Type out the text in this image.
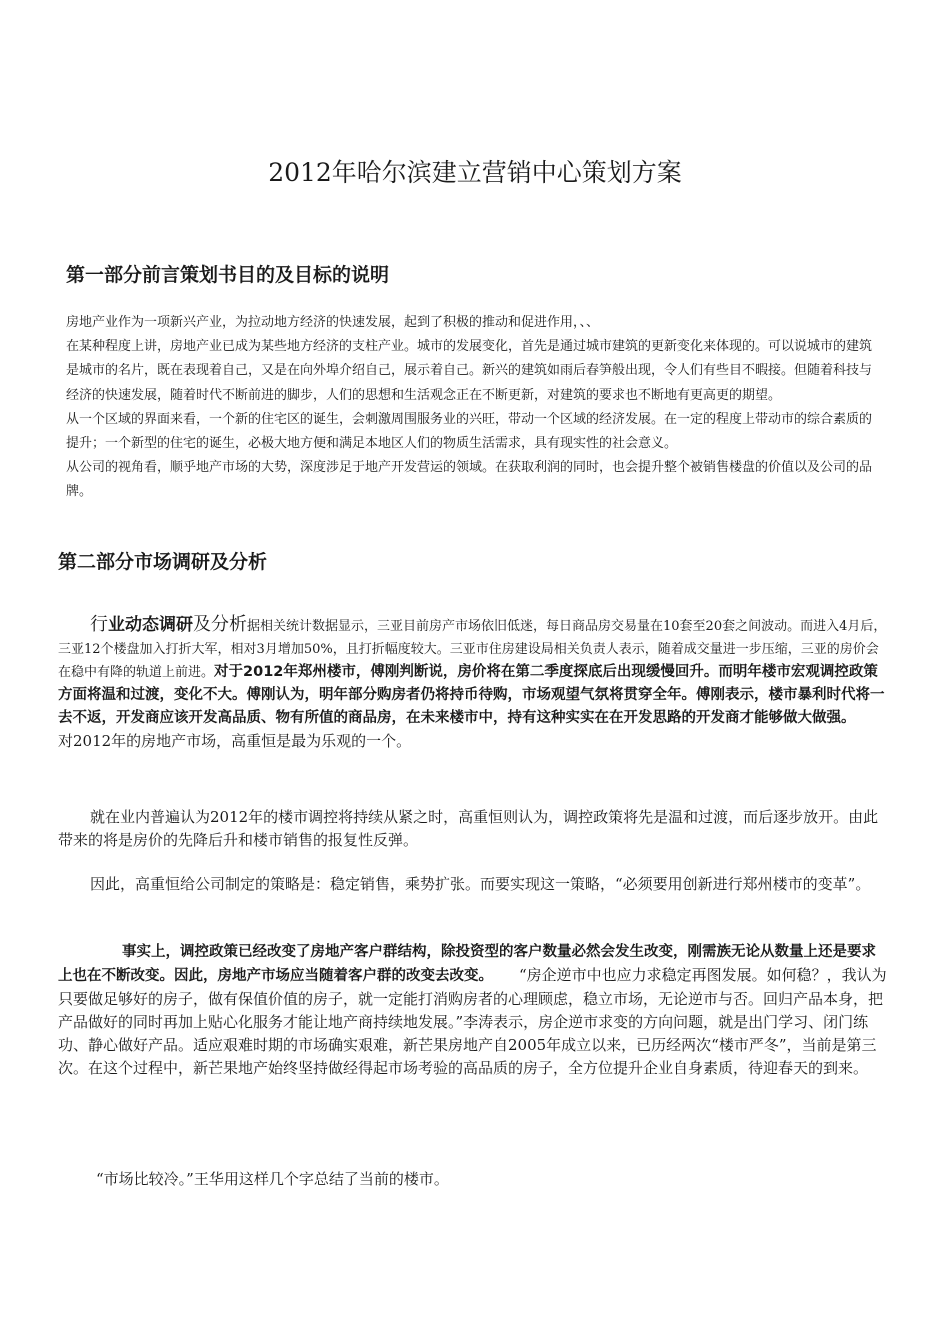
2012年哈尔滨建立营销中心策划方案
第一部分前言策划书目的及目标的说明

房地产业作为一项新兴产业，为拉动地方经济的快速发展，起到了积极的推动和促进作用，、、

在某种程度上讲，房地产业已成为某些地方经济的支柱产业。城市的发展变化，首先是通过城市建筑的更新变化来体现的。可以说城市的建筑是城市的名片，既在表现着自己，又是在向外埠介绍自己，展示着自己。新兴的建筑如雨后春笋般出现，令人们有些目不暇接。但随着科技与经济的快速发展，随着时代不断前进的脚步，人们的思想和生活观念正在不断更新，对建筑的要求也不断地有更高更的期望。

从一个区域的界面来看，一个新的住宅区的诞生，会刺激周围服务业的兴旺，带动一个区域的经济发展。在一定的程度上带动市的综合素质的提升；一个新型的住宅的诞生，必极大地方便和满足本地区人们的物质生活需求，具有现实性的社会意义。

从公司的视角看，顺乎地产市场的大势，深度涉足于地产开发营运的领域。在获取利润的同时，也会提升整个被销售楼盘的价值以及公司的品牌。

第二部分市场调研及分析

行业动态调研及分析据相关统计数据显示，三亚目前房产市场依旧低迷，每日商品房交易量在10套至20套之间波动。而进入4月后，三亚12个楼盘加入打折大军，相对3月增加50%，且打折幅度较大。三亚市住房建设局相关负责人表示，随着成交量进一步压缩，三亚的房价会在稳中有降的轨道上前进。对于2012年郑州楼市，傅刚判断说，房价将在第二季度探底后出现缓慢回升。而明年楼市宏观调控政策方面将温和过渡，变化不大。傅刚认为，明年部分购房者仍将持币待购，市场观望气氛将贯穿全年。傅刚表示，楼市暴利时代将一去不返，开发商应该开发高品质、物有所值的商品房，在未来楼市中，持有这种实实在在开发思路的开发商才能够做大做强。对2012年的房地产市场，高重恒是最为乐观的一个。

就在业内普遍认为2012年的楼市调控将持续从紧之时，高重恒则认为，调控政策将先是温和过渡，而后逐步放开。由此带来的将是房价的先降后升和楼市销售的报复性反弹。

因此，高重恒给公司制定的策略是：稳定销售，乘势扩张。而要实现这一策略，“必须要用创新进行郑州楼市的变革”。

事实上，调控政策已经改变了房地产客户群结构，除投资型的客户数量必然会发生改变，刚需族无论从数量上还是要求上也在不断改变。因此，房地产市场应当随着客户群的改变去改变。 “房企逆市中也应力求稳定再图发展。如何稳？，我认为只要做足够好的房子，做有保值价值的房子，就一定能打消购房者的心理顾虑，稳立市场，无论逆市与否。回归产品本身，把产品做好的同时再加上贴心化服务才能让地产商持续地发展。”李涛表示，房企逆市求变的方向问题，就是出门学习、闭门练功、静心做好产品。适应艰难时期的市场确实艰难，新芒果房地产自2005年成立以来，已历经两次“楼市严冬”，当前是第三次。在这个过程中，新芒果地产始终坚持做经得起市场考验的高品质的房子，全方位提升企业自身素质，待迎春天的到来。

“市场比较冷。”王华用这样几个字总结了当前的楼市。
